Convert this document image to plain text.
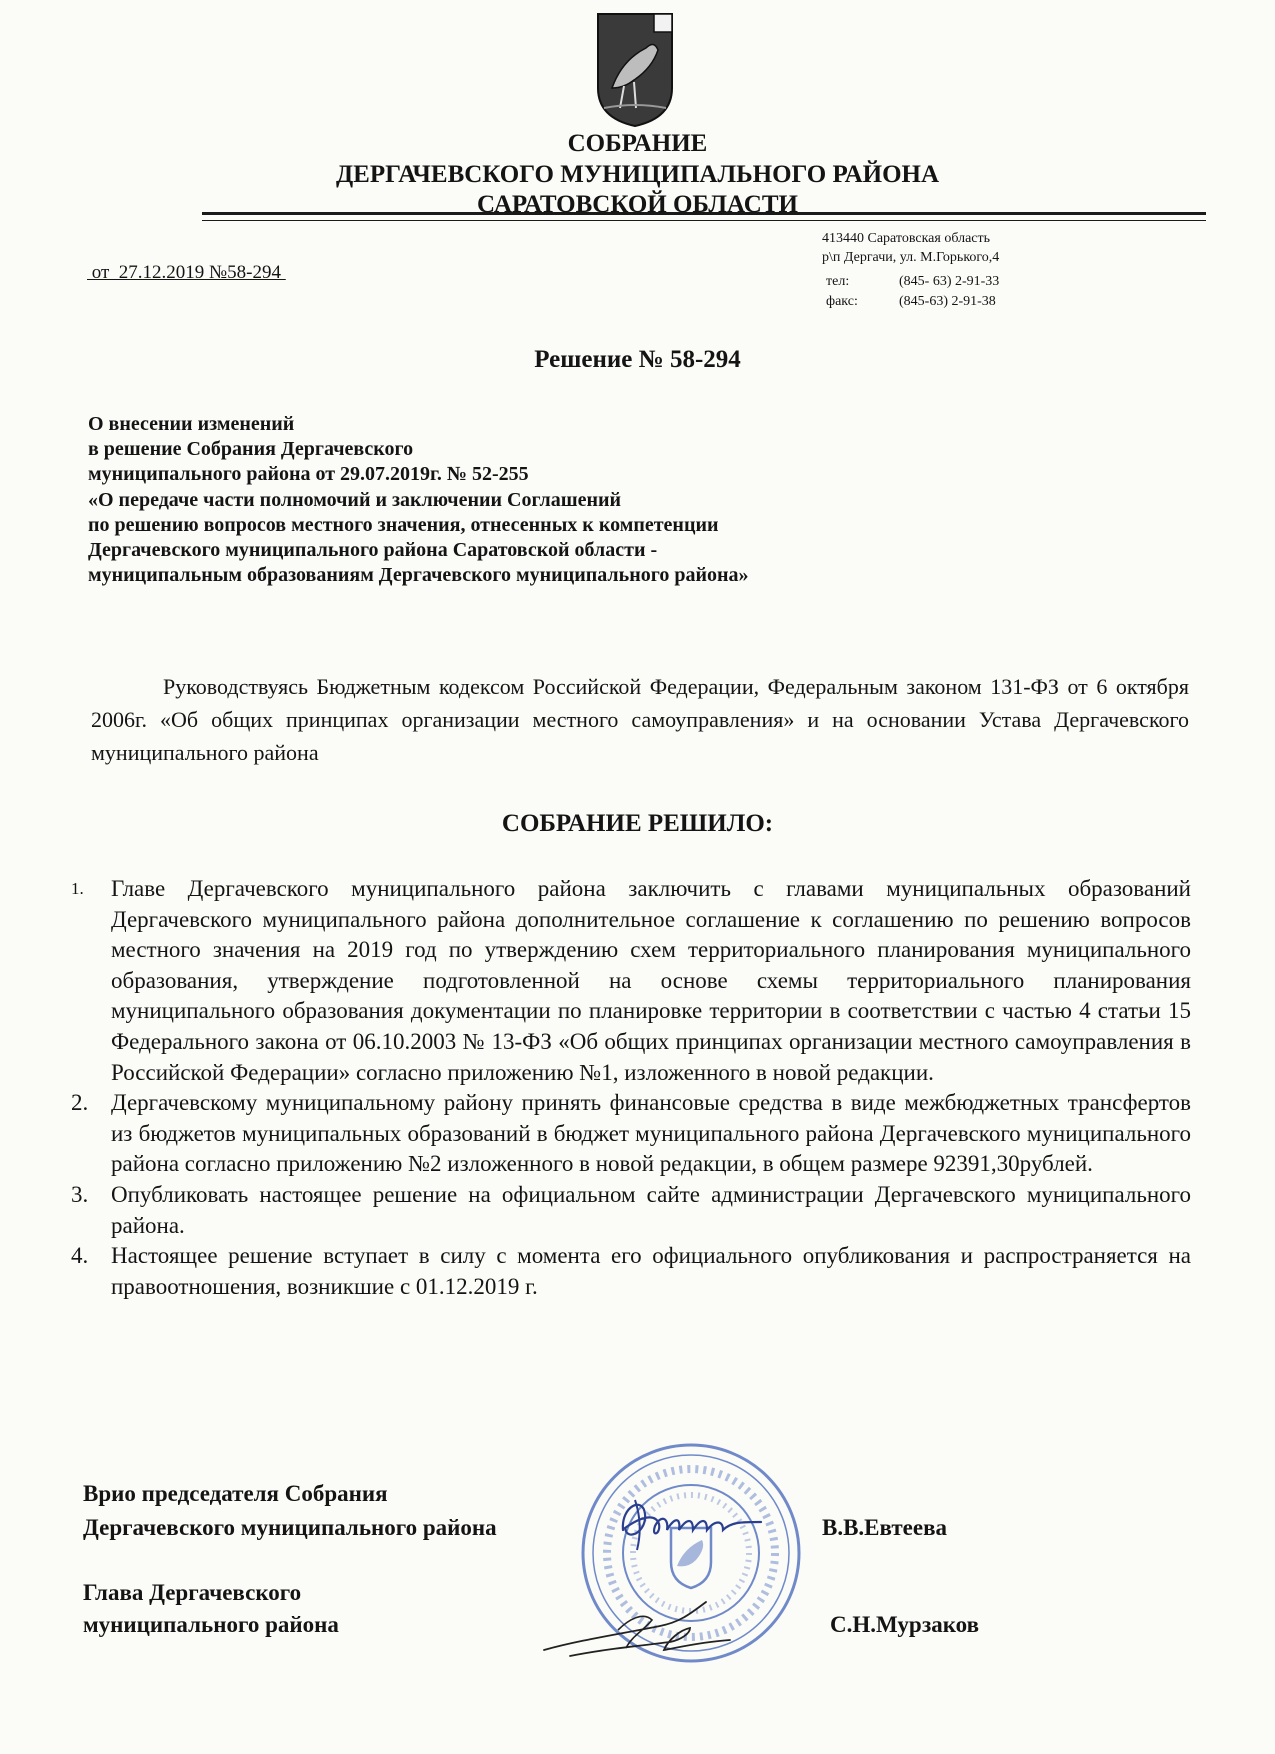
СОБРАНИЕ
ДЕРГАЧЕВСКОГО МУНИЦИПАЛЬНОГО РАЙОНА
САРАТОВСКОЙ ОБЛАСТИ
от  27.12.2019 №58-294
413440 Саратовская область
р\п Дергачи, ул. М.Горького,4
тел:	(845- 63) 2-91-33
факс:	(845-63) 2-91-38
Решение № 58-294
О внесении изменений
в решение Собрания Дергачевского
муниципального района от 29.07.2019г. № 52-255
«О передаче части полномочий и заключении Соглашений
по решению вопросов местного значения, отнесенных к компетенции
Дергачевского муниципального района Саратовской области -
муниципальным образованиям Дергачевского муниципального района»
Руководствуясь Бюджетным кодексом Российской Федерации, Федеральным законом 131-ФЗ от 6 октября 2006г. «Об общих принципах организации местного самоуправления» и на основании Устава Дергачевского муниципального района
СОБРАНИЕ РЕШИЛО:
1.	Главе Дергачевского муниципального района заключить с главами муниципальных образований Дергачевского муниципального района дополнительное соглашение к соглашению по решению вопросов местного значения на 2019 год по утверждению схем территориального планирования муниципального образования, утверждение подготовленной на основе схемы территориального планирования муниципального образования документации по планировке территории в соответствии с частью 4 статьи 15 Федерального закона от 06.10.2003 № 13-ФЗ «Об общих принципах организации местного самоуправления в Российской Федерации» согласно приложению №1, изложенного в новой редакции.
2. Дергачевскому муниципальному району принять финансовые средства в виде межбюджетных трансфертов из бюджетов муниципальных образований в бюджет муниципального района Дергачевского муниципального района согласно приложению №2 изложенного в новой редакции, в общем размере 92391,30рублей.
3. Опубликовать настоящее решение на официальном сайте администрации Дергачевского муниципального района.
4. Настоящее решение вступает в силу с момента его официального опубликования и распространяется на правоотношения, возникшие с 01.12.2019 г.
Врио председателя Собрания
Дергачевского муниципального района	В.В.Евтеева
Глава Дергачевского
муниципального района	С.Н.Мурзаков
